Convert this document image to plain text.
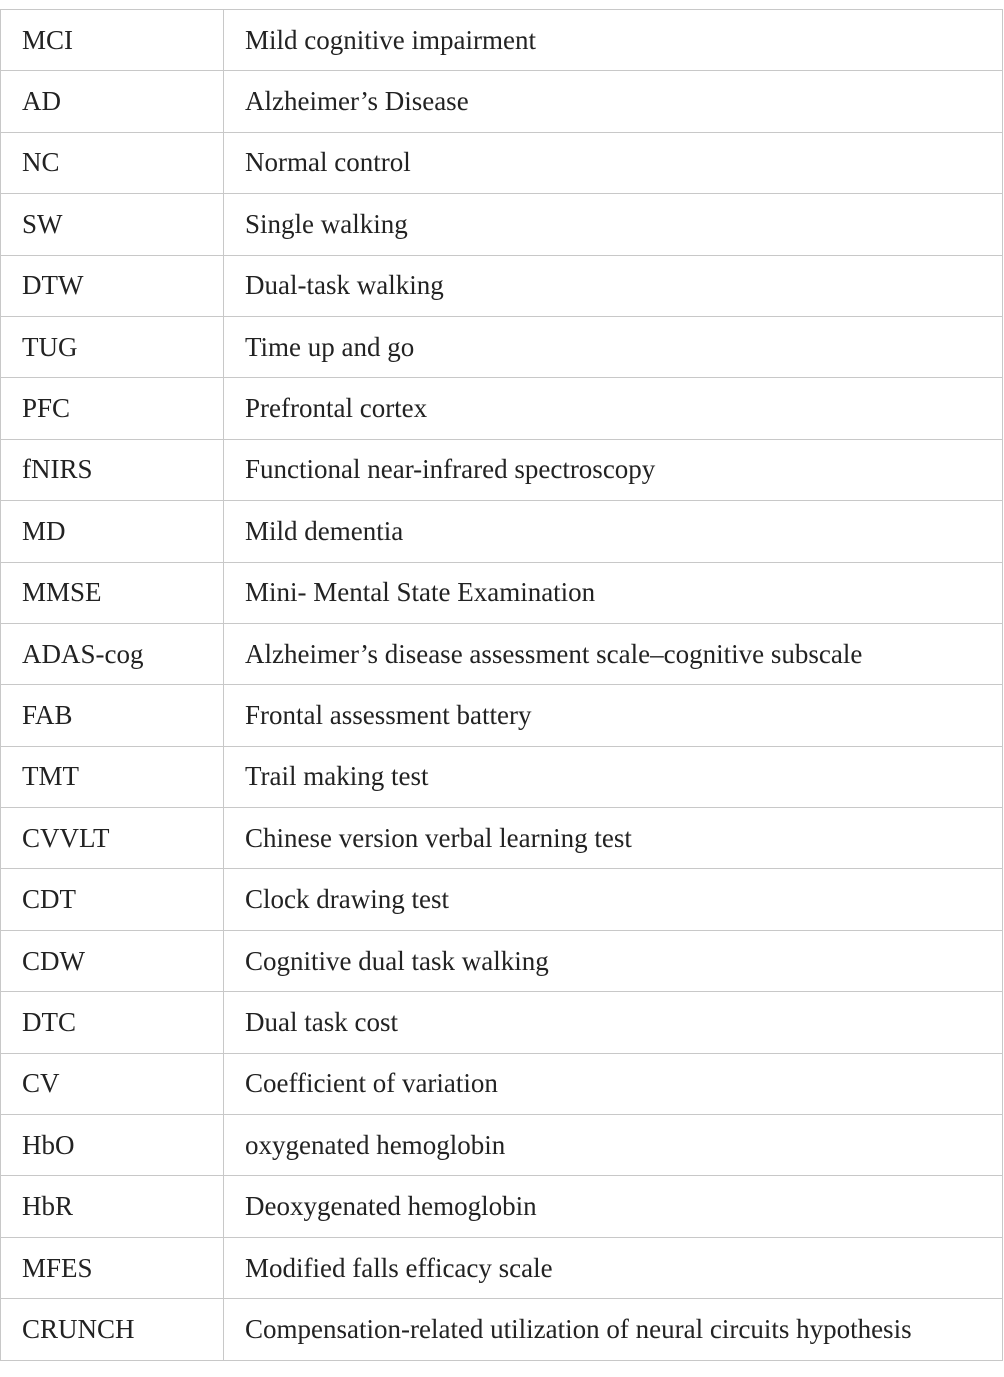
MCI	Mild cognitive impairment
AD	Alzheimer’s Disease
NC	Normal control
SW	Single walking
DTW	Dual-task walking
TUG	Time up and go
PFC	Prefrontal cortex
fNIRS	Functional near-infrared spectroscopy
MD	Mild dementia
MMSE	Mini- Mental State Examination
ADAS-cog	Alzheimer’s disease assessment scale–cognitive subscale
FAB	Frontal assessment battery
TMT	Trail making test
CVVLT	Chinese version verbal learning test
CDT	Clock drawing test
CDW	Cognitive dual task walking
DTC	Dual task cost
CV	Coefficient of variation
HbO	oxygenated hemoglobin
HbR	Deoxygenated hemoglobin
MFES	Modified falls efficacy scale
CRUNCH	Compensation-related utilization of neural circuits hypothesis
